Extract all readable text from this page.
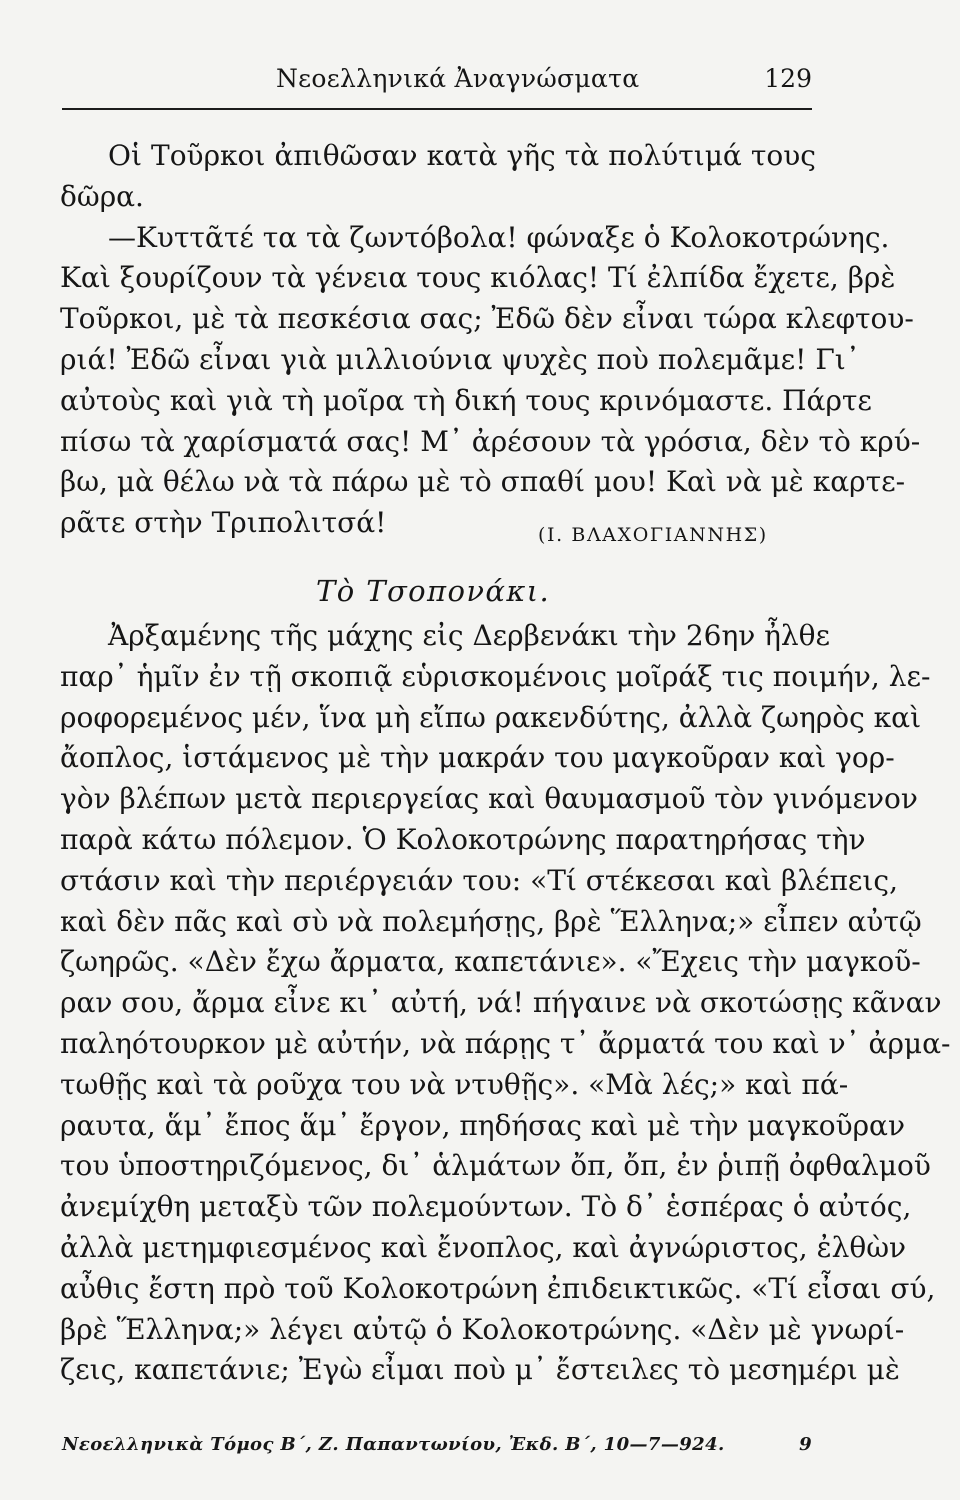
Νεοελληνικά Ἀναγνώσματα	129
Οἱ Τοῦρκοι ἀπιθῶσαν κατὰ γῆς τὰ πολύτιμά τους
δῶρα.
—Κυττᾶτέ τα τὰ ζωντόβολα! φώναξε ὁ Κολοκοτρώνης.
Καὶ ξουρίζουν τὰ γένεια τους κιόλας! Τί ἐλπίδα ἔχετε, βρὲ
Τοῦρκοι, μὲ τὰ πεσκέσια σας; Ἐδῶ δὲν εἶναι τώρα κλεφτου-
ριά! Ἐδῶ εἶναι γιὰ μιλλιούνια ψυχὲς ποὺ πολεμᾶμε! Γι᾿
αὐτοὺς καὶ γιὰ τὴ μοῖρα τὴ δική τους κρινόμαστε. Πάρτε
πίσω τὰ χαρίσματά σας! Μ᾿ ἀρέσουν τὰ γρόσια, δὲν τὸ κρύ-
βω, μὰ θέλω νὰ τὰ πάρω μὲ τὸ σπαθί μου! Καὶ νὰ μὲ καρτε-
ρᾶτε στὴν Τριπολιτσά!	(Ι. ΒΛΑΧΟΓΙΑΝΝΗΣ)
Τὸ Τσοπονάκι.
Ἀρξαμένης τῆς μάχης εἰς Δερβενάκι τὴν 26ην ἦλθε
παρ᾿ ἡμῖν ἐν τῇ σκοπιᾷ εὑρισκομένοις μοῖράξ τις ποιμήν, λε-
ροφορεμένος μέν, ἵνα μὴ εἴπω ρακενδύτης, ἀλλὰ ζωηρὸς καὶ
ἄοπλος, ἱστάμενος μὲ τὴν μακράν του μαγκοῦραν καὶ γορ-
γὸν βλέπων μετὰ περιεργείας καὶ θαυμασμοῦ τὸν γινόμενον
παρὰ κάτω πόλεμον. Ὁ Κολοκοτρώνης παρατηρήσας τὴν
στάσιν καὶ τὴν περιέργειάν του: «Τί στέκεσαι καὶ βλέπεις,
καὶ δὲν πᾶς καὶ σὺ νὰ πολεμήσῃς, βρὲ Ἕλληνα;» εἶπεν αὐτῷ
ζωηρῶς. «Δὲν ἔχω ἄρματα, καπετάνιε». «Ἔχεις τὴν μαγκοῦ-
ραν σου, ἄρμα εἶνε κι᾿ αὐτή, νά! πήγαινε νὰ σκοτώσῃς κᾶναν
παληότουρκον μὲ αὐτήν, νὰ πάρῃς τ᾿ ἄρματά του καὶ ν᾿ ἀρμα-
τωθῇς καὶ τὰ ροῦχα του νὰ ντυθῇς». «Μὰ λές;» καὶ πά-
ραυτα, ἅμ᾿ ἔπος ἅμ᾿ ἔργον, πηδήσας καὶ μὲ τὴν μαγκοῦραν
του ὑποστηριζόμενος, δι᾿ ἁλμάτων ὄπ, ὄπ, ἐν ῥιπῇ ὀφθαλμοῦ
ἀνεμίχθη μεταξὺ τῶν πολεμούντων. Τὸ δ᾿ ἑσπέρας ὁ αὐτός,
ἀλλὰ μετημφιεσμένος καὶ ἔνοπλος, καὶ ἀγνώριστος, ἐλθὼν
αὖθις ἔστη πρὸ τοῦ Κολοκοτρώνη ἐπιδεικτικῶς. «Τί εἶσαι σύ,
βρὲ Ἕλληνα;» λέγει αὐτῷ ὁ Κολοκοτρώνης. «Δὲν μὲ γνωρί-
ζεις, καπετάνιε; Ἐγὼ εἶμαι ποὺ μ᾿ ἔστειλες τὸ μεσημέρι μὲ
Νεοελληνικὰ Τόμος Β΄, Ζ. Παπαντωνίου, Ἐκδ. Β΄, 10—7—924.	9
